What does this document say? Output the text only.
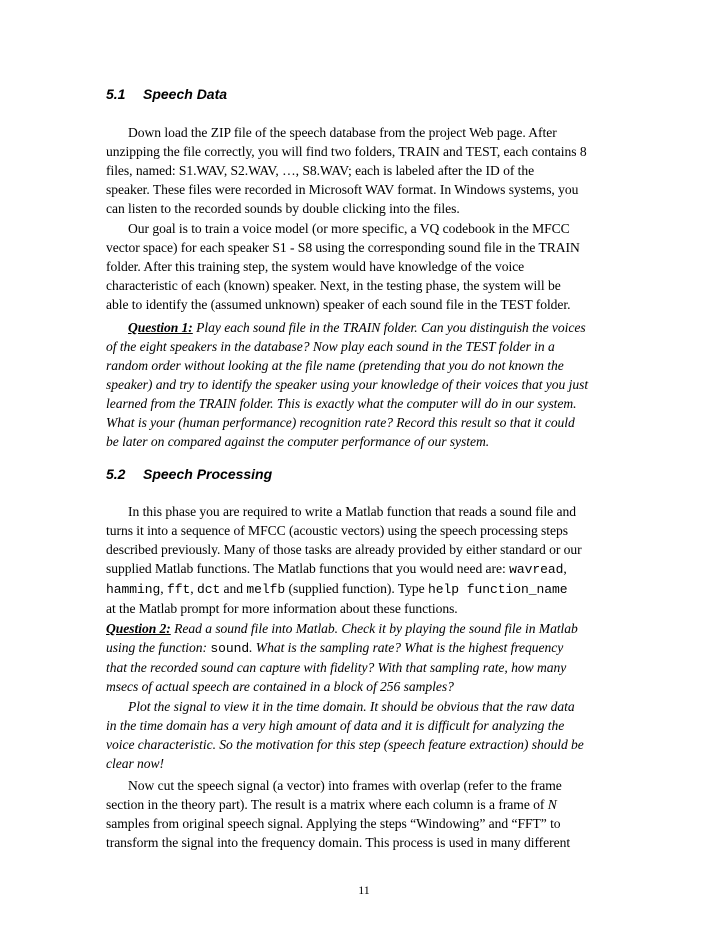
5.1 Speech Data
Down load the ZIP file of the speech database from the project Web page. After
unzipping the file correctly, you will find two folders, TRAIN and TEST, each contains 8
files, named: S1.WAV, S2.WAV, …, S8.WAV; each is labeled after the ID of the
speaker. These files were recorded in Microsoft WAV format. In Windows systems, you
can listen to the recorded sounds by double clicking into the files.
Our goal is to train a voice model (or more specific, a VQ codebook in the MFCC
vector space) for each speaker S1 - S8 using the corresponding sound file in the TRAIN
folder. After this training step, the system would have knowledge of the voice
characteristic of each (known) speaker. Next, in the testing phase, the system will be
able to identify the (assumed unknown) speaker of each sound file in the TEST folder.
Question 1: Play each sound file in the TRAIN folder. Can you distinguish the voices
of the eight speakers in the database? Now play each sound in the TEST folder in a
random order without looking at the file name (pretending that you do not known the
speaker) and try to identify the speaker using your knowledge of their voices that you just
learned from the TRAIN folder. This is exactly what the computer will do in our system.
What is your (human performance) recognition rate? Record this result so that it could
be later on compared against the computer performance of our system.
5.2 Speech Processing
In this phase you are required to write a Matlab function that reads a sound file and
turns it into a sequence of MFCC (acoustic vectors) using the speech processing steps
described previously. Many of those tasks are already provided by either standard or our
supplied Matlab functions. The Matlab functions that you would need are: wavread,
hamming, fft, dct and melfb (supplied function). Type help function_name
at the Matlab prompt for more information about these functions.
Question 2: Read a sound file into Matlab. Check it by playing the sound file in Matlab
using the function: sound. What is the sampling rate? What is the highest frequency
that the recorded sound can capture with fidelity? With that sampling rate, how many
msecs of actual speech are contained in a block of 256 samples?
Plot the signal to view it in the time domain. It should be obvious that the raw data
in the time domain has a very high amount of data and it is difficult for analyzing the
voice characteristic. So the motivation for this step (speech feature extraction) should be
clear now!
Now cut the speech signal (a vector) into frames with overlap (refer to the frame
section in the theory part). The result is a matrix where each column is a frame of N
samples from original speech signal. Applying the steps “Windowing” and “FFT” to
transform the signal into the frequency domain. This process is used in many different
11
